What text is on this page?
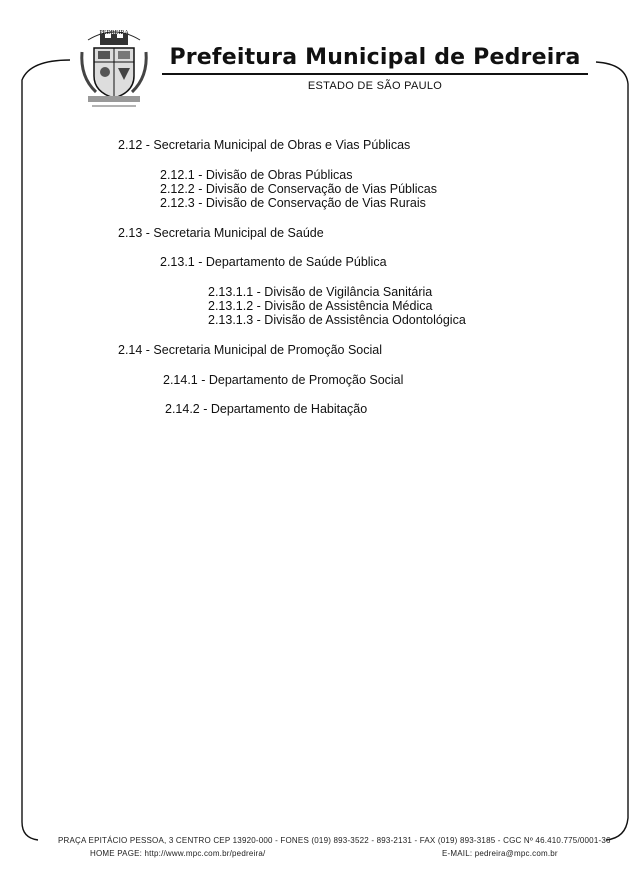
PEDREIRA
Prefeitura Municipal de Pedreira
ESTADO DE SÃO PAULO
2.12 - Secretaria Municipal de Obras e Vias Públicas
2.12.1 - Divisão de Obras Públicas
2.12.2 - Divisão de Conservação de Vias Públicas
2.12.3 - Divisão de Conservação de Vias Rurais
2.13 - Secretaria Municipal de Saúde
2.13.1 - Departamento de Saúde Pública
2.13.1.1 - Divisão de Vigilância Sanitária
2.13.1.2 - Divisão de Assistência Médica
2.13.1.3 - Divisão de Assistência Odontológica
2.14 - Secretaria Municipal de Promoção Social
2.14.1 - Departamento de Promoção Social
2.14.2 - Departamento de Habitação
PRAÇA EPITÁCIO PESSOA, 3 CENTRO CEP 13920-000 - FONES (019) 893-3522 - 893-2131 - FAX (019) 893-3185 - CGC Nº 46.410.775/0001-36
HOME PAGE: http://www.mpc.com.br/pedreira/	E-MAIL: pedreira@mpc.com.br
